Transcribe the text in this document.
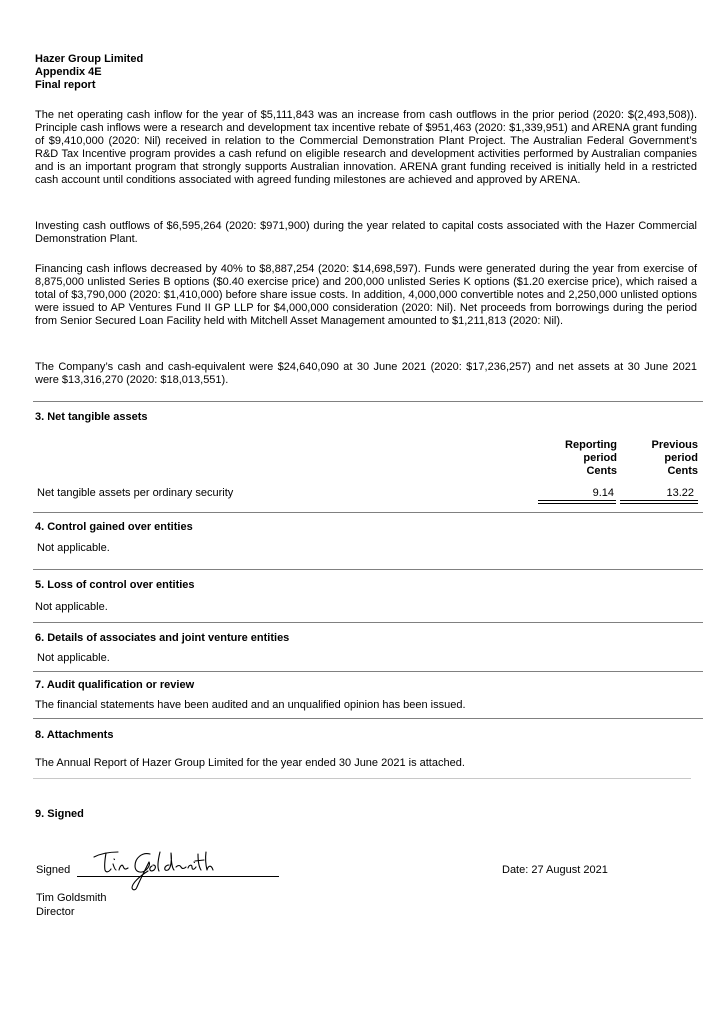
Hazer Group Limited
Appendix 4E
Final report
The net operating cash inflow for the year of $5,111,843 was an increase from cash outflows in the prior period (2020: $(2,493,508)). Principle cash inflows were a research and development tax incentive rebate of $951,463 (2020: $1,339,951) and ARENA grant funding of $9,410,000 (2020: Nil) received in relation to the Commercial Demonstration Plant Project. The Australian Federal Government’s R&D Tax Incentive program provides a cash refund on eligible research and development activities performed by Australian companies and is an important program that strongly supports Australian innovation. ARENA grant funding received is initially held in a restricted cash account until conditions associated with agreed funding milestones are achieved and approved by ARENA.
Investing cash outflows of $6,595,264 (2020: $971,900) during the year related to capital costs associated with the Hazer Commercial Demonstration Plant.
Financing cash inflows decreased by 40% to $8,887,254 (2020: $14,698,597). Funds were generated during the year from exercise of 8,875,000 unlisted Series B options ($0.40 exercise price) and 200,000 unlisted Series K options ($1.20 exercise price), which raised a total of $3,790,000 (2020: $1,410,000) before share issue costs. In addition, 4,000,000 convertible notes and 2,250,000 unlisted options were issued to AP Ventures Fund II GP LLP for $4,000,000 consideration (2020: Nil). Net proceeds from borrowings during the period from Senior Secured Loan Facility held with Mitchell Asset Management amounted to $1,211,813 (2020: Nil).
The Company’s cash and cash-equivalent were $24,640,090 at 30 June 2021 (2020: $17,236,257) and net assets at 30 June 2021 were $13,316,270 (2020: $18,013,551).
3. Net tangible assets
Reporting
period
Cents
Previous
period
Cents
Net tangible assets per ordinary security	9.14	13.22
4. Control gained over entities
Not applicable.
5. Loss of control over entities
Not applicable.
6. Details of associates and joint venture entities
Not applicable.
7. Audit qualification or review
The financial statements have been audited and an unqualified opinion has been issued.
8. Attachments
The Annual Report of Hazer Group Limited for the year ended 30 June 2021 is attached.
9. Signed
Signed	Date: 27 August 2021
Tim Goldsmith
Director
